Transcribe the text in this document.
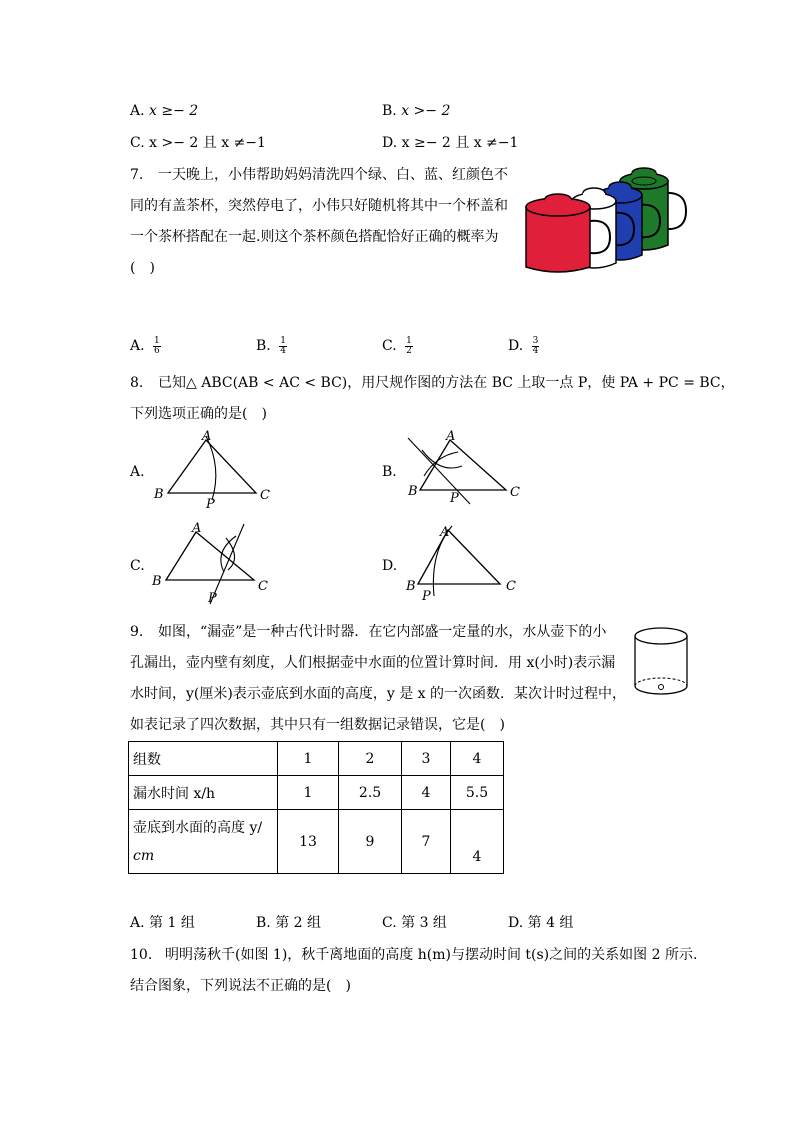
A. x ≥− 2	B. x >− 2
C. x >− 2 且 x ≠−1	D. x ≥− 2 且 x ≠−1
7. 一天晚上，小伟帮助妈妈清洗四个绿、白、蓝、红颜色不
同的有盖茶杯，突然停电了，小伟只好随机将其中一个杯盖和
一个茶杯搭配在一起.则这个茶杯颜色搭配恰好正确的概率为
(　)
A. $\frac{1}{6}$	B. $\frac{1}{4}$	C. $\frac{1}{2}$	D. $\frac{3}{4}$
8. 已知△ ABC(AB < AC < BC)，用尺规作图的方法在 BC 上取一点 P，使 PA + PC = BC，
下列选项正确的是(　)
A.
A
B	C
P
B.
A
B	C
P
C.
A
B	C
P
D.
A
B	C
P
9. 如图，“漏壶”是一种古代计时器．在它内部盛一定量的水，水从壶下的小
孔漏出，壶内壁有刻度，人们根据壶中水面的位置计算时间．用 x(小时)表示漏
水时间，y(厘米)表示壶底到水面的高度，y 是 x 的一次函数．某次计时过程中，
如表记录了四次数据，其中只有一组数据记录错误，它是(　)
组数	1	2	3	4
漏水时间 x/h	1	2.5	4	5.5
壶底到水面的高度 y/
cm	13	9	7	4
A. 第 1 组	B. 第 2 组	C. 第 3 组	D. 第 4 组
10. 明明荡秋千(如图 1)，秋千离地面的高度 h(m)与摆动时间 t(s)之间的关系如图 2 所示.
结合图象，下列说法不正确的是(　)
